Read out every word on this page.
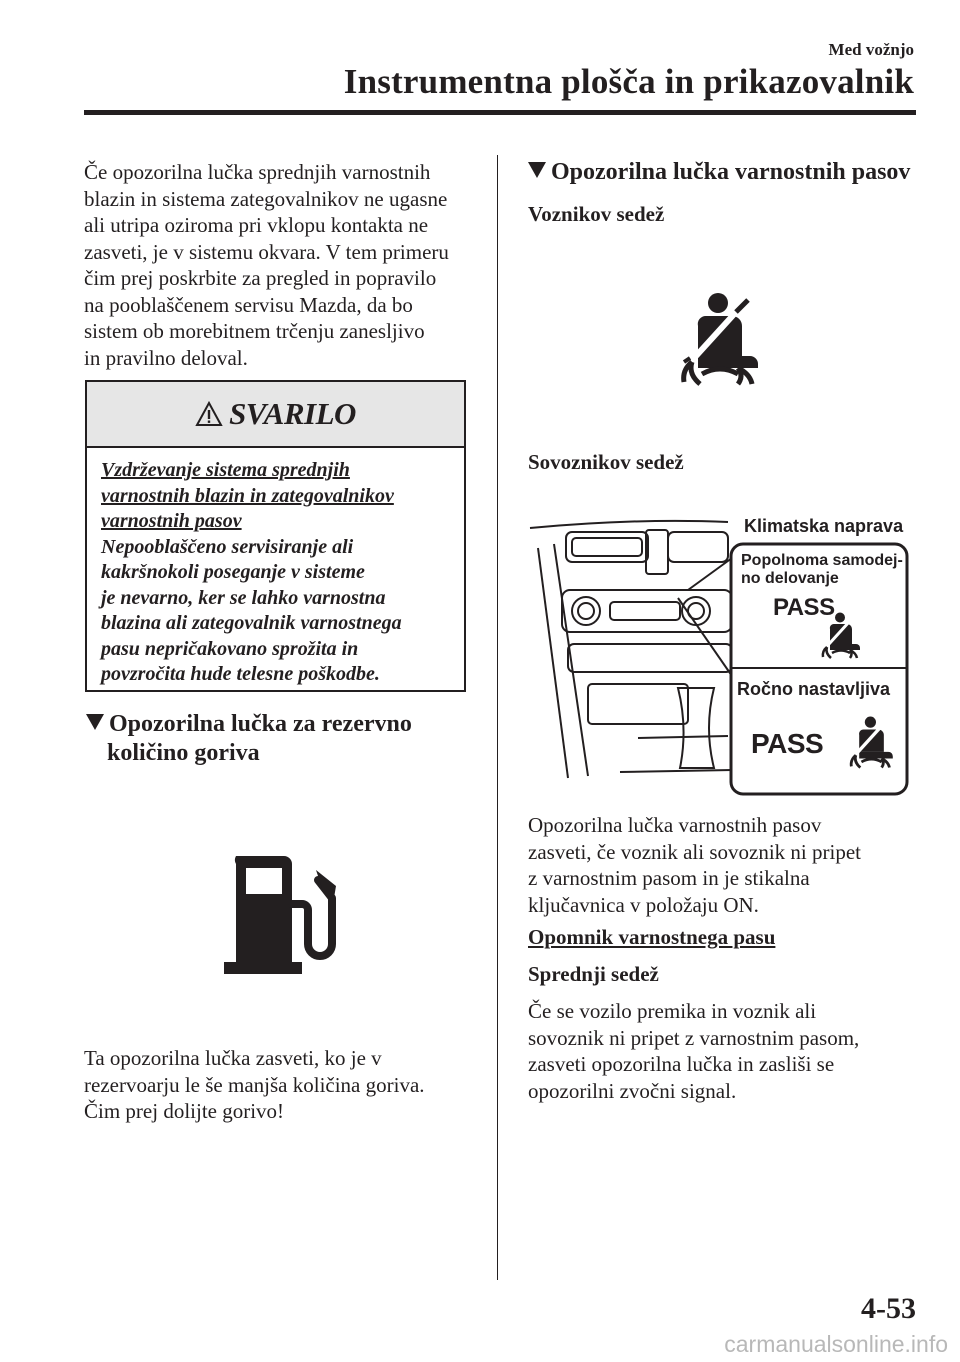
Med vožnjo
Instrumentna plošča in prikazovalnik

Če opozorilna lučka sprednjih varnostnih

blazin in sistema zategovalnikov ne ugasne

ali utripa oziroma pri vklopu kontakta ne

zasveti, je v sistemu okvara. V tem primeru

čim prej poskrbite za pregled in popravilo

na pooblaščenem servisu Mazda, da bo

sistem ob morebitnem trčenju zanesljivo

in pravilno deloval.

SVARILO
Vzdrževanje sistema sprednjih
varnostnih blazin in zategovalnikov
varnostnih pasov
Nepooblaščeno servisiranje ali
kakršnokoli poseganje v sisteme
je nevarno, ker se lahko varnostna
blazina ali zategovalnik varnostnega
pasu nepričakovano sprožita in
povzročita hude telesne poškodbe.
Opozorilna lučka za rezervno
količino goriva

Ta opozorilna lučka zasveti, ko je v

rezervoarju le še manjša količina goriva.

Čim prej dolijte gorivo!

Opozorilna lučka varnostnih pasov
Voznikov sedež
Sovoznikov sedež
Klimatska naprava
Popolnoma samodej-
no delovanje
PASS
Ročno nastavljiva
PASS

Opozorilna lučka varnostnih pasov

zasveti, če voznik ali sovoznik ni pripet

z varnostnim pasom in je stikalna

ključavnica v položaju ON.

Opomnik varnostnega pasu
Sprednji sedež

Če se vozilo premika in voznik ali

sovoznik ni pripet z varnostnim pasom,

zasveti opozorilna lučka in zasliši se

opozorilni zvočni signal.

4-53
carmanualsonline.info
